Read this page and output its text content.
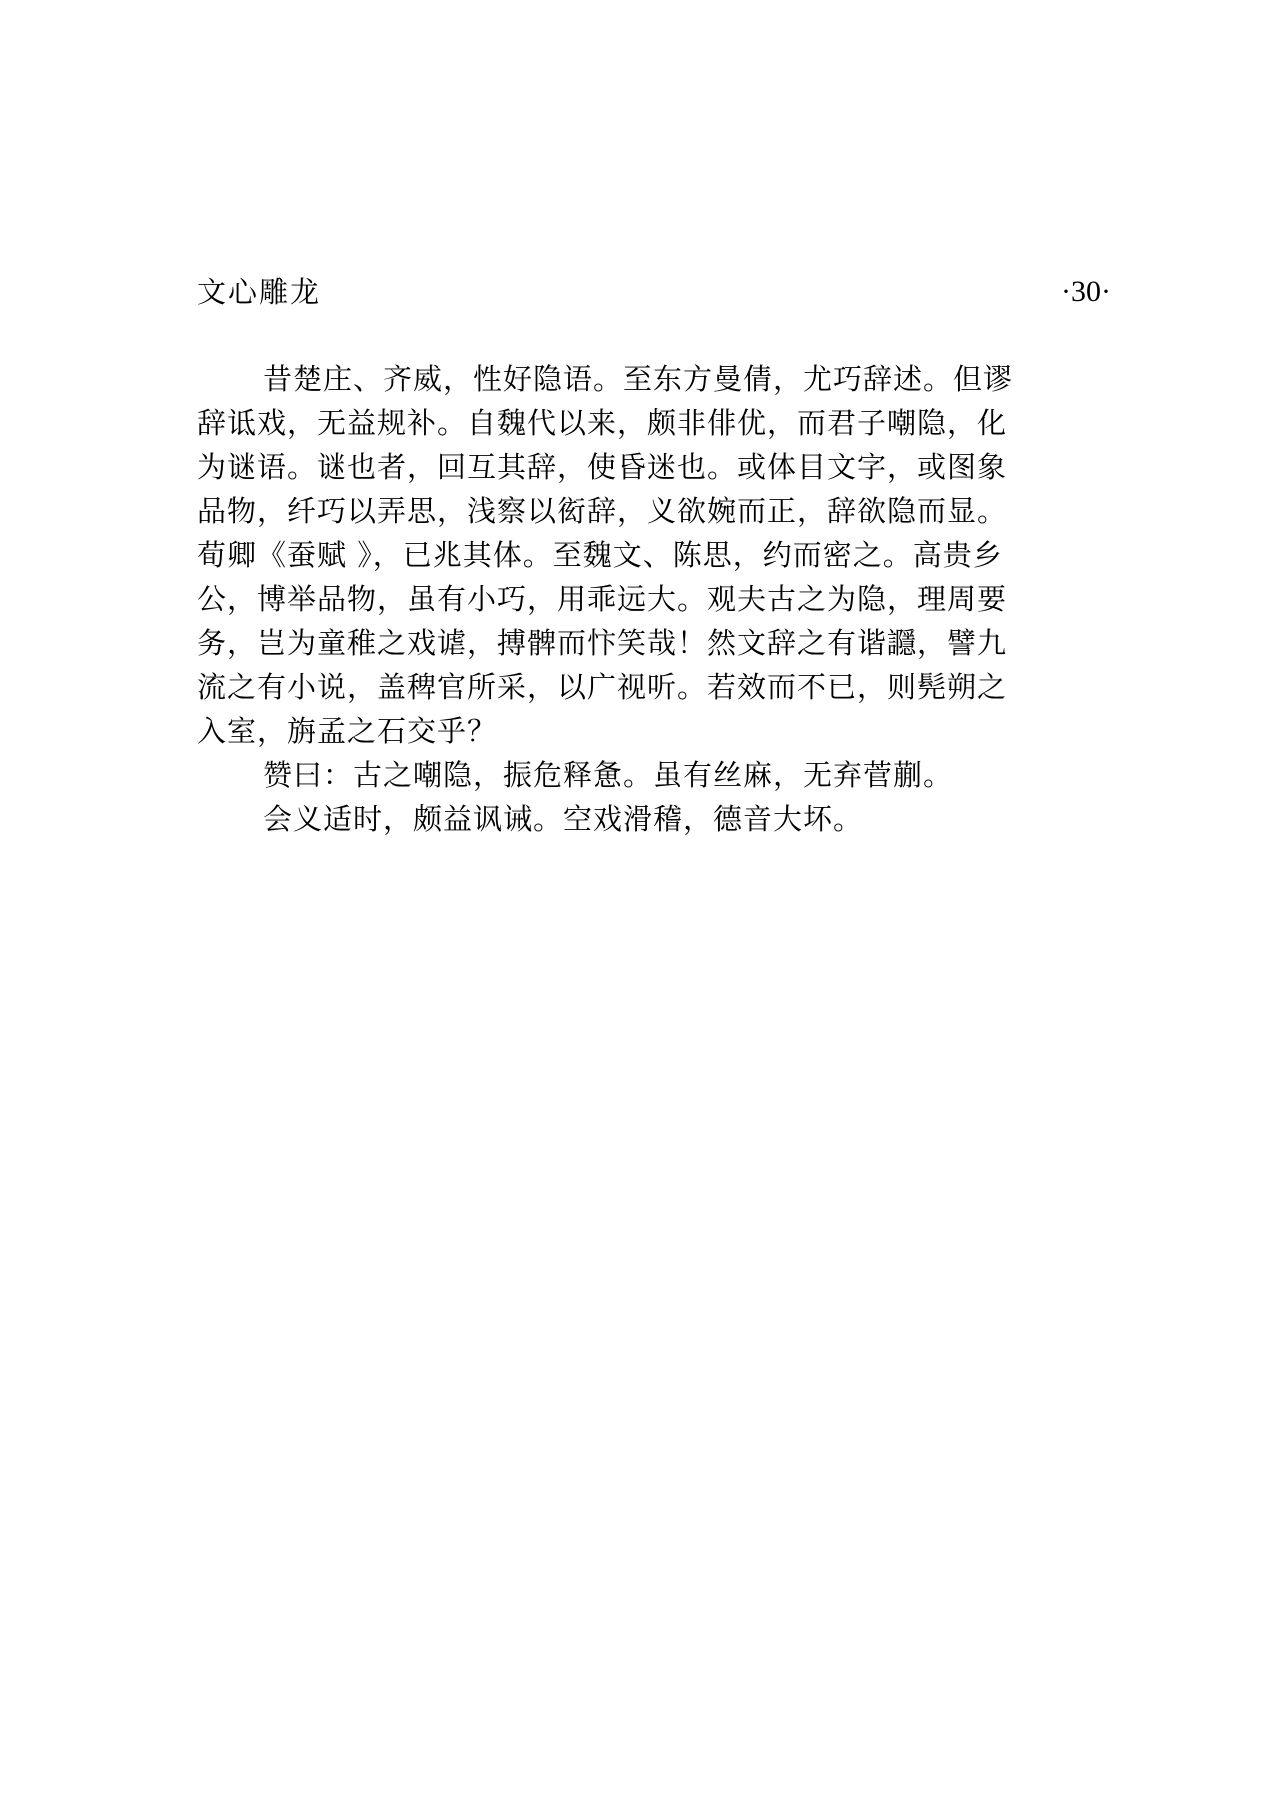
文心雕龙	·30·
昔楚庄、齐威，性好隐语。至东方曼倩，尤巧辞述。但谬
辞诋戏，无益规补。自魏代以来，颇非俳优，而君子嘲隐，化
为谜语。谜也者，回互其辞，使昏迷也。或体目文字，或图象
品物，纤巧以弄思，浅察以衒辞，义欲婉而正，辞欲隐而显。
荀卿《蚕赋 》，已兆其体。至魏文、陈思，约而密之。高贵乡
公，博举品物，虽有小巧，用乖远大。观夫古之为隐，理周要
务，岂为童稚之戏谑，搏髀而忭笑哉！然文辞之有谐讔，譬九
流之有小说，盖稗官所采，以广视听。若效而不已，则髡朔之
入室，旃孟之石交乎？
赞曰：古之嘲隐，振危释惫。虽有丝麻，无弃菅蒯。
会义适时，颇益讽诫。空戏滑稽，德音大坏。
